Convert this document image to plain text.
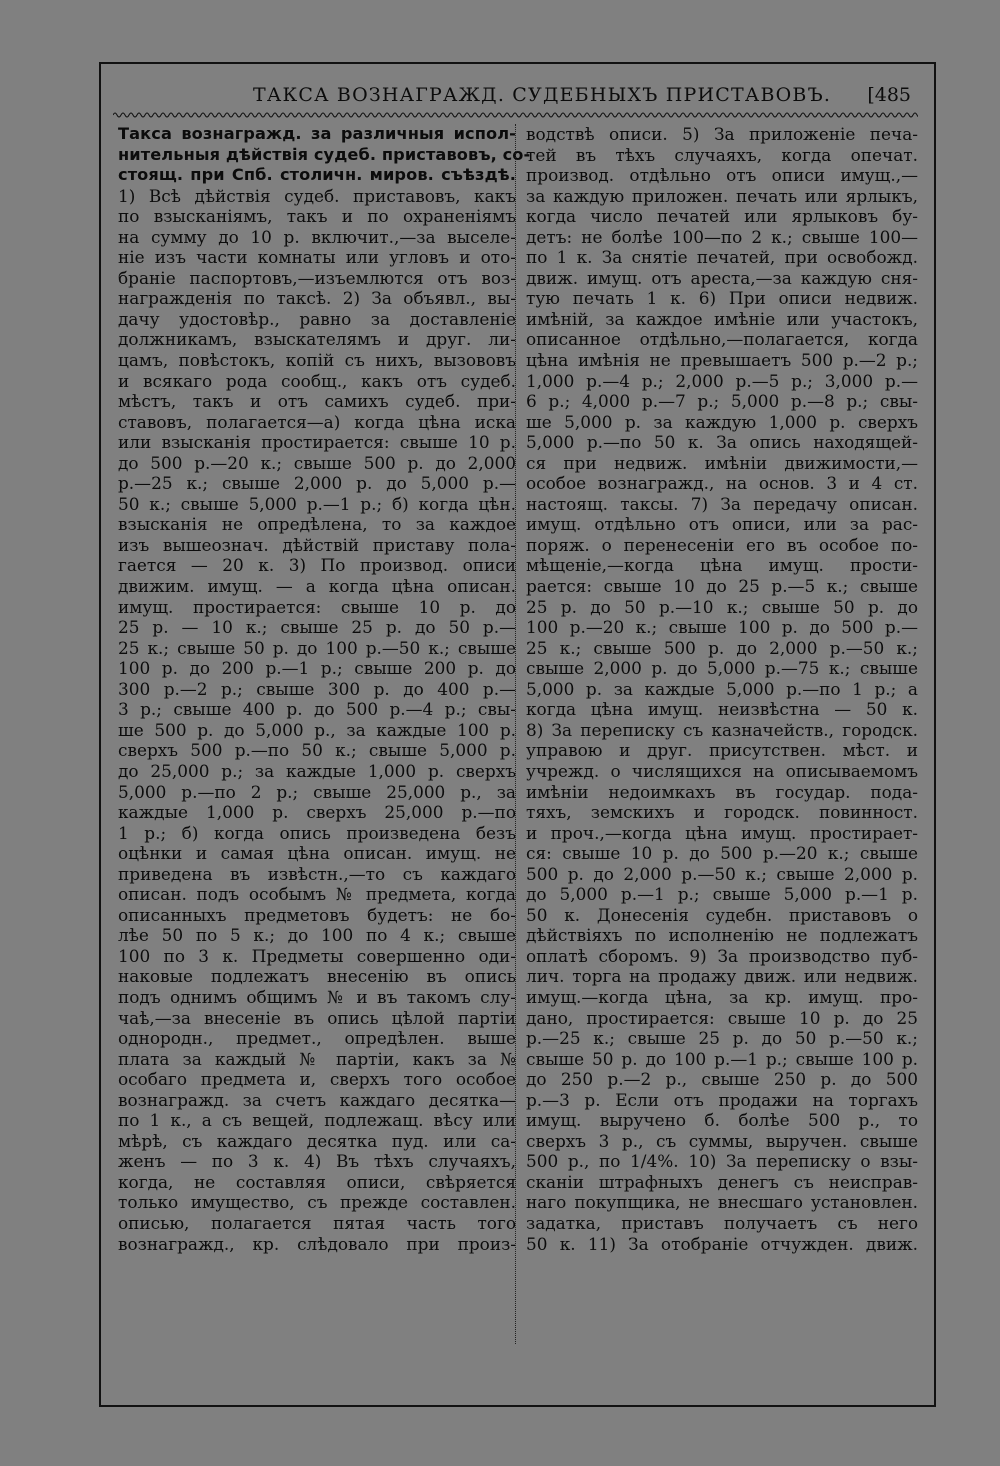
ТАКСА ВОЗНАГРАЖД. СУДЕБНЫХЪ ПРИСТАВОВЪ. [485

Такса вознагражд. за различныя испол-

нительныя дѣйствія судеб. приставовъ, со-

стоящ. при Спб. столичн. миров. съѣздѣ.

1) Всѣ дѣйствія судеб. приставовъ, какъ

по взысканіямъ, такъ и по охраненіямъ

на сумму до 10 р. включит.,—за выселе-

ніе изъ части комнаты или угловъ и ото-

браніе паспортовъ,—изъемлются отъ воз-

награжденія по таксѣ. 2) За объявл., вы-

дачу удостовѣр., равно за доставленіе

должникамъ, взыскателямъ и друг. ли-

цамъ, повѣстокъ, копій съ нихъ, вызововъ

и всякаго рода сообщ., какъ отъ судеб.

мѣстъ, такъ и отъ самихъ судеб. при-

ставовъ, полагается—а) когда цѣна иска

или взысканія простирается: свыше 10 р.

до 500 р.—20 к.; свыше 500 р. до 2,000

р.—25 к.; свыше 2,000 р. до 5,000 р.—

50 к.; свыше 5,000 р.—1 р.; б) когда цѣн.

взысканія не опредѣлена, то за каждое

изъ вышеознач. дѣйствій приставу пола-

гается — 20 к. 3) По производ. описи

движим. имущ. — а когда цѣна описан.

имущ. простирается: свыше 10 р. до

25 р. — 10 к.; свыше 25 р. до 50 р.—

25 к.; свыше 50 р. до 100 р.—50 к.; свыше

100 р. до 200 р.—1 р.; свыше 200 р. до

300 р.—2 р.; свыше 300 р. до 400 р.—

3 р.; свыше 400 р. до 500 р.—4 р.; свы-

ше 500 р. до 5,000 р., за каждые 100 р.

сверхъ 500 р.—по 50 к.; свыше 5,000 р.

до 25,000 р.; за каждые 1,000 р. сверхъ

5,000 р.—по 2 р.; свыше 25,000 р., за

каждые 1,000 р. сверхъ 25,000 р.—по

1 р.; б) когда опись произведена безъ

оцѣнки и самая цѣна описан. имущ. не

приведена въ извѣстн.,—то съ каждаго

описан. подъ особымъ № предмета, когда

описанныхъ предметовъ будетъ: не бо-

лѣе 50 по 5 к.; до 100 по 4 к.; свыше

100 по 3 к. Предметы совершенно оди-

наковые подлежатъ внесенію въ опись

подъ однимъ общимъ № и въ такомъ слу-

чаѣ,—за внесеніе въ опись цѣлой партіи

однородн., предмет., опредѣлен. выше

плата за каждый № партіи, какъ за №

особаго предмета и, сверхъ того особое

вознагражд. за счетъ каждаго десятка—

по 1 к., а съ вещей, подлежащ. вѣсу или

мѣрѣ, съ каждаго десятка пуд. или са-

женъ — по 3 к. 4) Въ тѣхъ случаяхъ,

когда, не составляя описи, свѣряется

только имущество, съ прежде составлен.

описью, полагается пятая часть того

вознагражд., кр. слѣдовало при произ-

водствѣ описи. 5) За приложеніе печа-

тей въ тѣхъ случаяхъ, когда опечат.

производ. отдѣльно отъ описи имущ.,—

за каждую приложен. печать или ярлыкъ,

когда число печатей или ярлыковъ бу-

детъ: не болѣе 100—по 2 к.; свыше 100—

по 1 к. За снятіе печатей, при освобожд.

движ. имущ. отъ ареста,—за каждую сня-

тую печать 1 к. 6) При описи недвиж.

имѣній, за каждое имѣніе или участокъ,

описанное отдѣльно,—полагается, когда

цѣна имѣнія не превышаетъ 500 р.—2 р.;

1,000 р.—4 р.; 2,000 р.—5 р.; 3,000 р.—

6 р.; 4,000 р.—7 р.; 5,000 р.—8 р.; свы-

ше 5,000 р. за каждую 1,000 р. сверхъ

5,000 р.—по 50 к. За опись находящей-

ся при недвиж. имѣніи движимости,—

особое вознагражд., на основ. 3 и 4 ст.

настоящ. таксы. 7) За передачу описан.

имущ. отдѣльно отъ описи, или за рас-

поряж. о перенесеніи его въ особое по-

мѣщеніе,—когда цѣна имущ. прости-

рается: свыше 10 до 25 р.—5 к.; свыше

25 р. до 50 р.—10 к.; свыше 50 р. до

100 р.—20 к.; свыше 100 р. до 500 р.—

25 к.; свыше 500 р. до 2,000 р.—50 к.;

свыше 2,000 р. до 5,000 р.—75 к.; свыше

5,000 р. за каждые 5,000 р.—по 1 р.; а

когда цѣна имущ. неизвѣстна — 50 к.

8) За переписку съ казначейств., городск.

управою и друг. присутствен. мѣст. и

учрежд. о числящихся на описываемомъ

имѣніи недоимкахъ въ государ. пода-

тяхъ, земскихъ и городск. повинност.

и проч.,—когда цѣна имущ. простирает-

ся: свыше 10 р. до 500 р.—20 к.; свыше

500 р. до 2,000 р.—50 к.; свыше 2,000 р.

до 5,000 р.—1 р.; свыше 5,000 р.—1 р.

50 к. Донесенія судебн. приставовъ о

дѣйствіяхъ по исполненію не подлежатъ

оплатѣ сборомъ. 9) За производство пуб-

лич. торга на продажу движ. или недвиж.

имущ.—когда цѣна, за кр. имущ. про-

дано, простирается: свыше 10 р. до 25

р.—25 к.; свыше 25 р. до 50 р.—50 к.;

свыше 50 р. до 100 р.—1 р.; свыше 100 р.

до 250 р.—2 р., свыше 250 р. до 500

р.—3 р. Если отъ продажи на торгахъ

имущ. выручено б. болѣе 500 р., то

сверхъ 3 р., съ суммы, выручен. свыше

500 р., по 1/4%. 10) За переписку о взы-

сканіи штрафныхъ денегъ съ неисправ-

наго покупщика, не внесшаго установлен.

задатка, приставъ получаетъ съ него

50 к. 11) За отобраніе отчужден. движ.
